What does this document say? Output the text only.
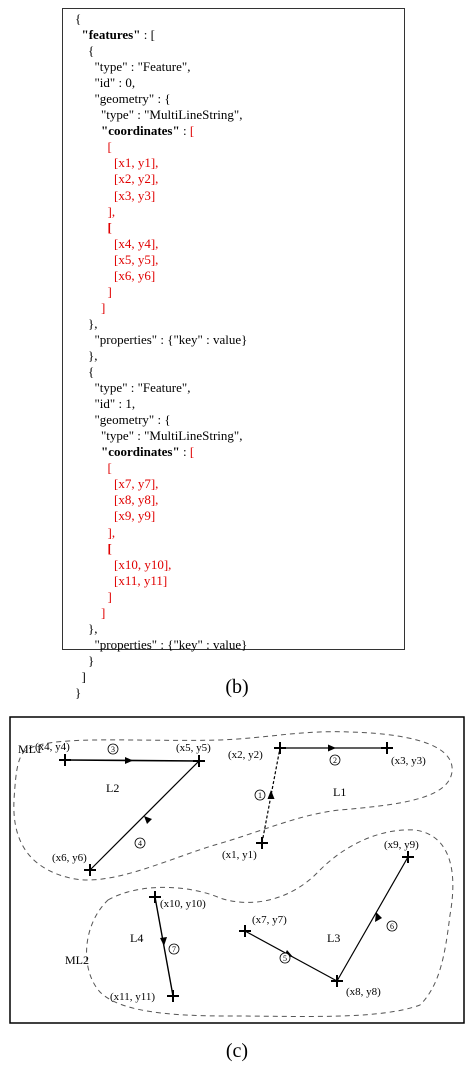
{
"features" : [
{
"type" : "Feature",
"id" : 0,
"geometry" : {
"type" : "MultiLineString",
"coordinates" : [
[
[x1, y1],
[x2, y2],
[x3, y3]
],
[
[x4, y4],
[x5, y5],
[x6, y6]
]
]
},
"properties" : {"key" : value}
},
{
"type" : "Feature",
"id" : 1,
"geometry" : {
"type" : "MultiLineString",
"coordinates" : [
[
[x7, y7],
[x8, y8],
[x9, y9]
],
[
[x10, y10],
[x11, y11]
]
]
},
"properties" : {"key" : value}
}
]
}	(b)
1
2
3
4
5
6
7
(x1, y1)
(x2, y2)	(x3, y3)
(x4, y4)	(x5, y5)
(x6, y6)
(x7, y7)
(x8, y8)
(x9, y9)
(x10, y10)
(x11, y11)
L1
L2
L3
L4
ML1
ML2
(c)
